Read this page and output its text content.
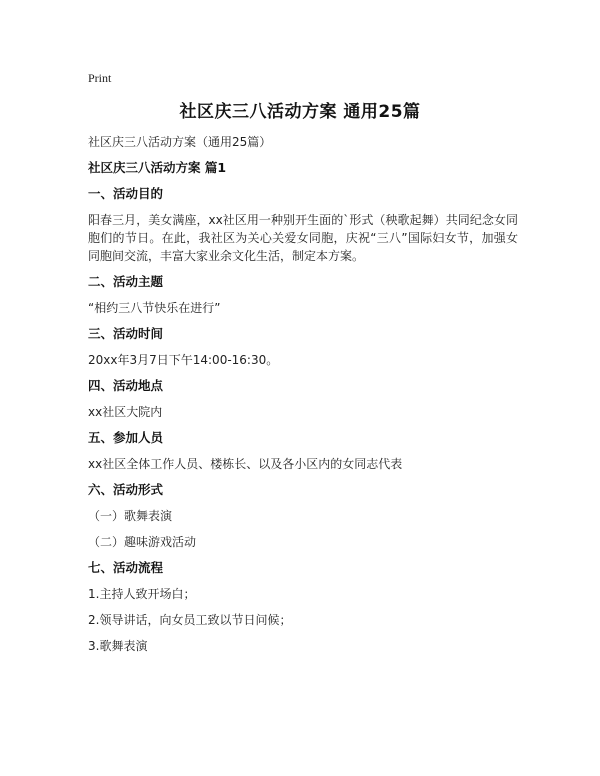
Print
社区庆三八活动方案 通用25篇
社区庆三八活动方案（通用25篇）
社区庆三八活动方案 篇1
一、活动目的
阳春三月，美女满座，xx社区用一种别开生面的`形式（秧歌起舞）共同纪念女同胞们的节日。在此，我社区为关心关爱女同胞，庆祝“三八”国际妇女节，加强女同胞间交流，丰富大家业余文化生活，制定本方案。
二、活动主题
“相约三八节快乐在进行”
三、活动时间
20xx年3月7日下午14:00-16:30。
四、活动地点
xx社区大院内
五、参加人员
xx社区全体工作人员、楼栋长、以及各小区内的女同志代表
六、活动形式
（一）歌舞表演
（二）趣味游戏活动
七、活动流程
1.主持人致开场白；
2.领导讲话，向女员工致以节日问候；
3.歌舞表演
